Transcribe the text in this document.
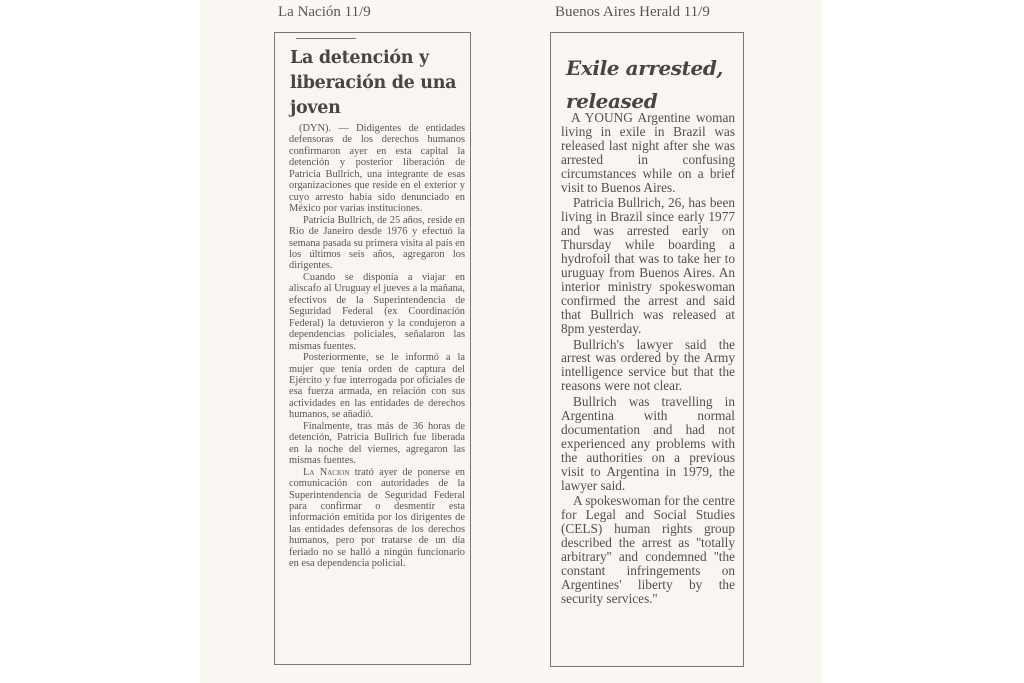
La Nación 11/9	Buenos Aires Herald 11/9
La detención y liberación de una joven

(DYN). — Didigentes de entidades defensoras de los derechos humanos confirmaron ayer en esta capital la detención y posterior liberación de Patricia Bullrich, una integrante de esas organizaciones que reside en el exterior y cuyo arresto había sido denunciado en México por varias instituciones.

Patricia Bullrich, de 25 años, reside en Río de Janeiro desde 1976 y efectuó la semana pasada su primera visita al país en los últimos seis años, agregaron los dirigentes.

Cuando se disponía a viajar en aliscafo al Uruguay el jueves a la mañana, efectivos de la Superintendencia de Seguridad Federal (ex Coordinación Federal) la detuvieron y la condujeron a dependencias policiales, señalaron las mismas fuentes.

Posteriormente, se le informó a la mujer que tenía orden de captura del Ejército y fue interrogada por oficiales de esa fuerza armada, en relación con sus actividades en las entidades de derechos humanos, se añadió.

Finalmente, tras más de 36 horas de detención, Patricia Bullrich fue liberada en la noche del viernes, agregaron las mismas fuentes.

La Nacion trató ayer de ponerse en comunicación con autoridades de la Superintendencia de Seguridad Federal para confirmar o desmentir esta información emitida por los dirigentes de las entidades defensoras de los derechos humanos, pero por tratarse de un día feriado no se halló a ningún funcionario en esa dependencia policial.

Exile arrested, released

A YOUNG Argentine woman living in exile in Brazil was released last night after she was arrested in confusing circumstances while on a brief visit to Buenos Aires.

Patricia Bullrich, 26, has been living in Brazil since early 1977 and was arrested early on Thursday while boarding a hydrofoil that was to take her to uruguay from Buenos Aires. An interior ministry spokeswoman confirmed the arrest and said that Bullrich was released at 8pm yesterday.

Bullrich's lawyer said the arrest was ordered by the Army intelligence service but that the reasons were not clear.

Bullrich was travelling in Argentina with normal documentation and had not experienced any problems with the authorities on a previous visit to Argentina in 1979, the lawyer said.

A spokeswoman for the centre for Legal and Social Studies (CELS) human rights group described the arrest as ''totally arbitrary'' and condemned ''the constant infringements on Argentines' liberty by the security services.''
